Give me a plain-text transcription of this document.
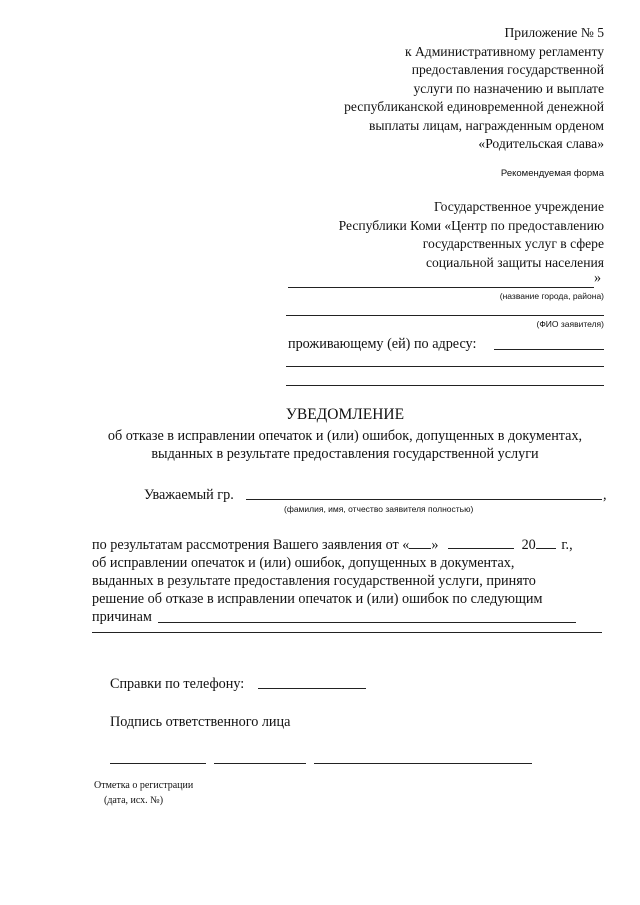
Приложение № 5
к Административному регламенту
предоставления государственной
услуги по назначению и выплате
республиканской единовременной денежной
выплаты лицам, награжденным орденом
«Родительская слава»
Рекомендуемая форма
Государственное учреждение
Республики Коми «Центр по предоставлению
государственных услуг в сфере
социальной защиты населения
»
(название города, района)
(ФИО заявителя)
проживающему (ей) по адресу:
УВЕДОМЛЕНИЕ
об отказе в исправлении опечаток и (или) ошибок, допущенных в документах,
выданных в результате предоставления государственной услуги
Уважаемый гр.	,
(фамилия, имя, отчество заявителя полностью)
по результатам рассмотрения Вашего заявления от « »	20 г.,
об исправлении опечаток и (или) ошибок, допущенных в документах,
выданных в результате предоставления государственной услуги, принято
решение об отказе в исправлении опечаток и (или) ошибок по следующим
причинам
Справки по телефону:
Подпись ответственного лица
Отметка о регистрации
(дата, исх. №)
